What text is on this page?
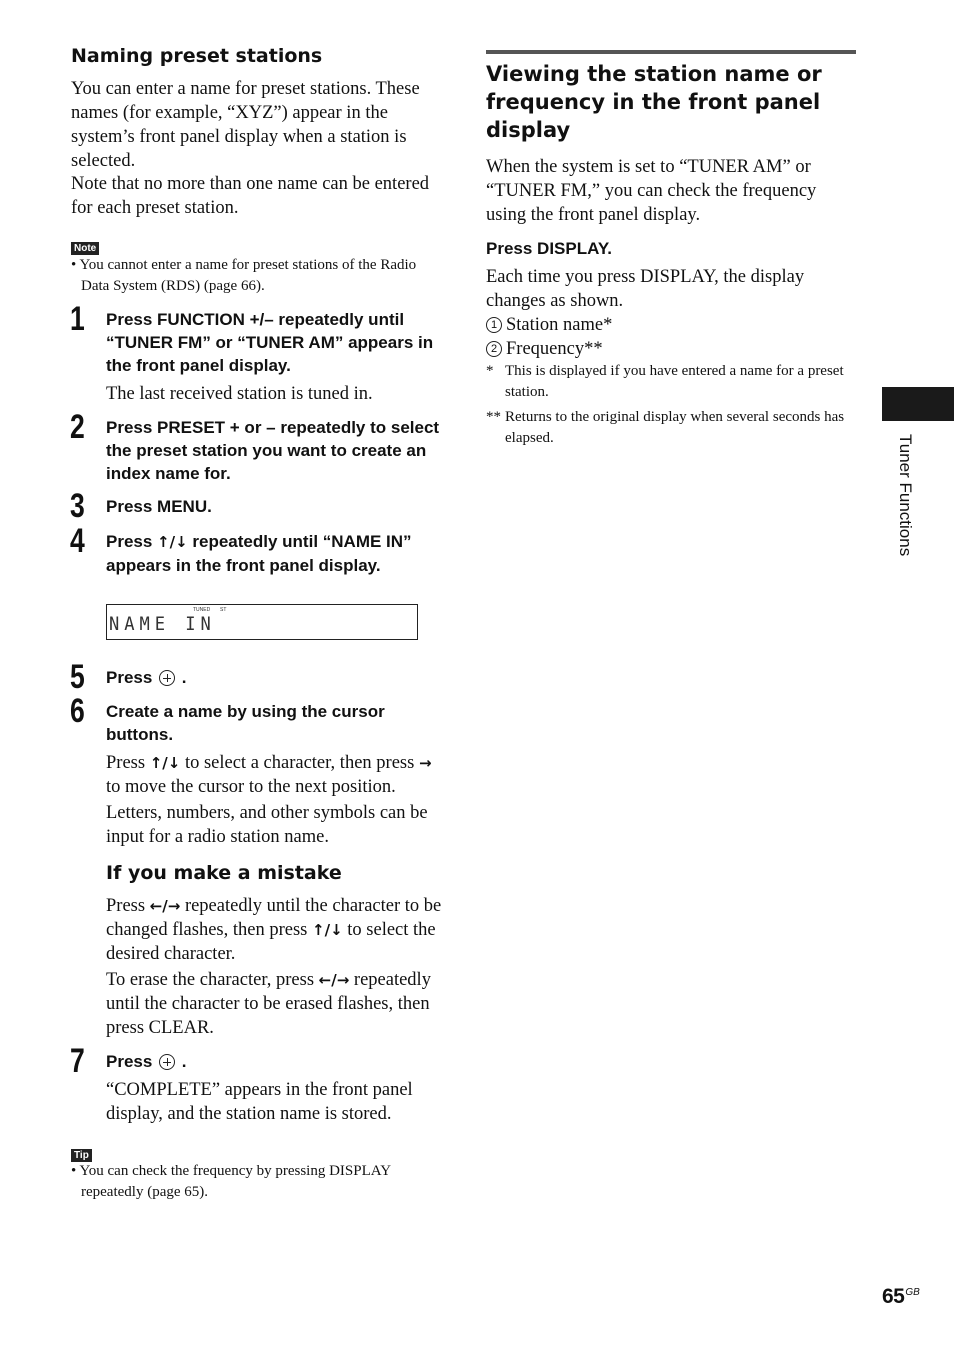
Naming preset stations
You can enter a name for preset stations. These names (for example, “XYZ”) appear in the system’s front panel display when a station is selected.
Note that no more than one name can be entered for each preset station.
Note
• You cannot enter a name for preset stations of the Radio Data System (RDS) (page 66).
1 Press FUNCTION +/– repeatedly until “TUNER FM” or “TUNER AM” appears in the front panel display.
The last received station is tuned in.
2 Press PRESET + or – repeatedly to select the preset station you want to create an index name for.
3 Press MENU.
4 Press ↑/↓ repeatedly until “NAME IN” appears in the front panel display.
TUNED ST
NAME IN
5 Press .
6 Create a name by using the cursor buttons.
Press ↑/↓ to select a character, then press → to move the cursor to the next position.
Letters, numbers, and other symbols can be input for a radio station name.
If you make a mistake
Press ←/→ repeatedly until the character to be changed flashes, then press ↑/↓ to select the desired character.
To erase the character, press ←/→ repeatedly until the character to be erased flashes, then press CLEAR.
7 Press .
“COMPLETE” appears in the front panel display, and the station name is stored.
Tip
• You can check the frequency by pressing DISPLAY repeatedly (page 65).
Viewing the station name or frequency in the front panel display
When the system is set to “TUNER AM” or “TUNER FM,” you can check the frequency using the front panel display.
Press DISPLAY.
Each time you press DISPLAY, the display changes as shown.
1 Station name*
2 Frequency**
* This is displayed if you have entered a name for a preset station.
** Returns to the original display when several seconds has elapsed.	Tuner Functions
$65^{GB}$
